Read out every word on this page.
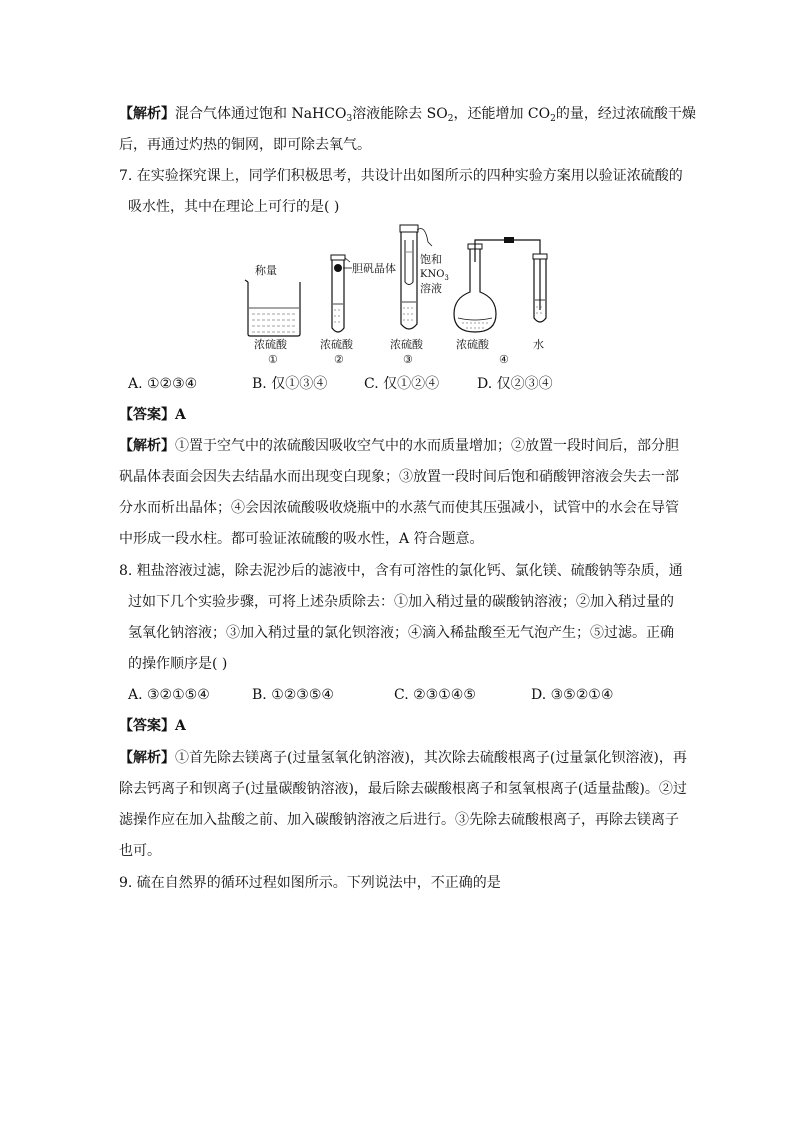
【解析】混合气体通过饱和 NaHCO$_3$溶液能除去 $SO_2$，还能增加 $CO_2$的量，经过浓硫酸干燥
后，再通过灼热的铜网，即可除去氧气。
7. 在实验探究课上，同学们积极思考，共设计出如图所示的四种实验方案用以验证浓硫酸的
吸水性，其中在理论上可行的是( )
称量
浓硫酸
①
胆矾晶体
浓硫酸
②
饱和
$KNO_3$
溶液
浓硫酸
③
浓硫酸	水
④
A. ①②③④	B. 仅①③④	C. 仅①②④	D. 仅②③④
【答案】A
【解析】①置于空气中的浓硫酸因吸收空气中的水而质量增加；②放置一段时间后，部分胆
矾晶体表面会因失去结晶水而出现变白现象；③放置一段时间后饱和硝酸钾溶液会失去一部
分水而析出晶体；④会因浓硫酸吸收烧瓶中的水蒸气而使其压强减小，试管中的水会在导管
中形成一段水柱。都可验证浓硫酸的吸水性，A 符合题意。
8. 粗盐溶液过滤，除去泥沙后的滤液中，含有可溶性的氯化钙、氯化镁、硫酸钠等杂质，通
过如下几个实验步骤，可将上述杂质除去：①加入稍过量的碳酸钠溶液；②加入稍过量的
氢氧化钠溶液；③加入稍过量的氯化钡溶液；④滴入稀盐酸至无气泡产生；⑤过滤。正确
的操作顺序是( )
A. ③②①⑤④	B. ①②③⑤④	C. ②③①④⑤	D. ③⑤②①④
【答案】A
【解析】①首先除去镁离子(过量氢氧化钠溶液)，其次除去硫酸根离子(过量氯化钡溶液)，再
除去钙离子和钡离子(过量碳酸钠溶液)，最后除去碳酸根离子和氢氧根离子(适量盐酸)。②过
滤操作应在加入盐酸之前、加入碳酸钠溶液之后进行。③先除去硫酸根离子，再除去镁离子
也可。
9. 硫在自然界的循环过程如图所示。下列说法中，不正确的是
